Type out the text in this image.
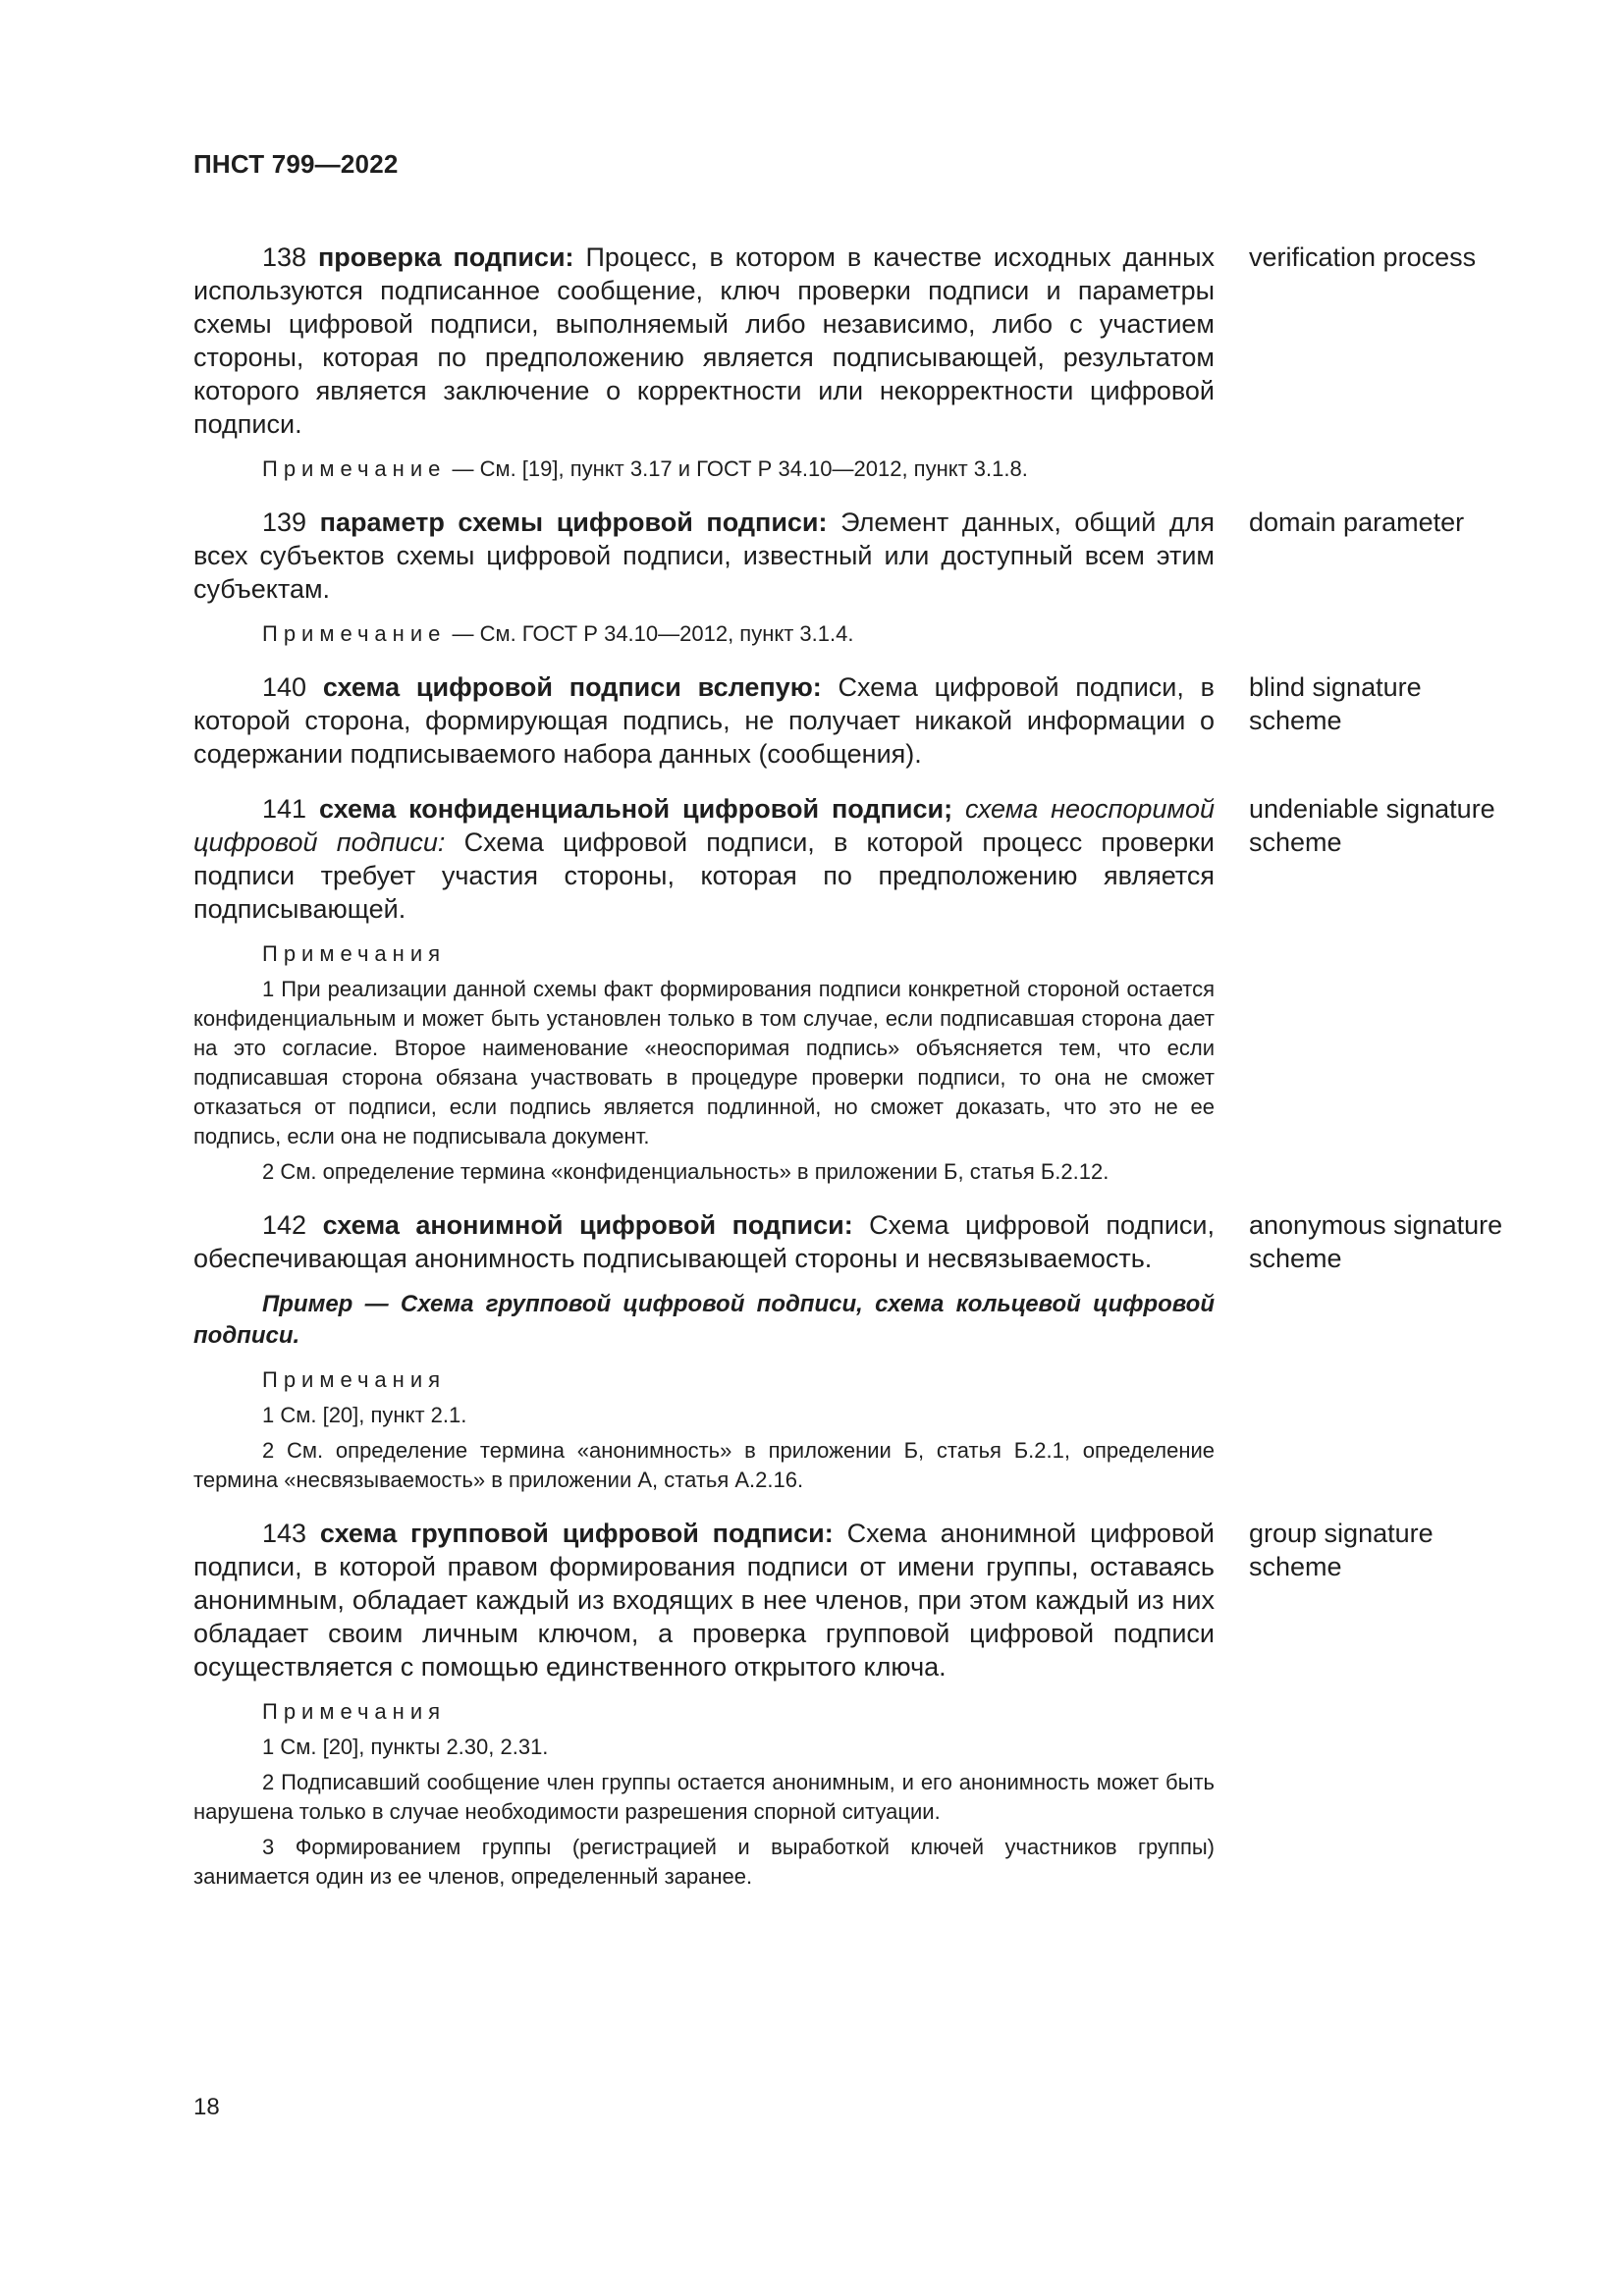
ПНСТ 799—2022

138 проверка подписи: Процесс, в котором в качестве исходных данных используются подписанное сообщение, ключ проверки подписи и параметры схемы цифровой подписи, выполняемый либо независимо, либо с участием стороны, которая по предположению является подписывающей, результатом которого является заключение о корректности или некорректности цифровой подписи.

verification process

Примечание — См. [19], пункт 3.17 и ГОСТ Р 34.10—2012, пункт 3.1.8.

139 параметр схемы цифровой подписи: Элемент данных, общий для всех субъектов схемы цифровой подписи, известный или доступный всем этим субъектам.

domain parameter

Примечание — См. ГОСТ Р 34.10—2012, пункт 3.1.4.

140 схема цифровой подписи вслепую: Схема цифровой подписи, в которой сторона, формирующая подпись, не получает никакой информации о содержании подписываемого набора данных (сообщения).

blind signature
scheme

141 схема конфиденциальной цифровой подписи; схема неоспоримой цифровой подписи: Схема цифровой подписи, в которой процесс проверки подписи требует участия стороны, которая по предположению является подписывающей.

undeniable signature
scheme

Примечания

1 При реализации данной схемы факт формирования подписи конкретной стороной остается конфиденциальным и может быть установлен только в том случае, если подписавшая сторона дает на это согласие. Второе наименование «неоспоримая подпись» объясняется тем, что если подписавшая сторона обязана участвовать в процедуре проверки подписи, то она не сможет отказаться от подписи, если подпись является подлинной, но сможет доказать, что это не ее подпись, если она не подписывала документ.

2 См. определение термина «конфиденциальность» в приложении Б, статья Б.2.12.

142 схема анонимной цифровой подписи: Схема цифровой подписи, обеспечивающая анонимность подписывающей стороны и несвязываемость.

anonymous signature
scheme

Пример — Схема групповой цифровой подписи, схема кольцевой цифровой подписи.

Примечания

1 См. [20], пункт 2.1.

2 См. определение термина «анонимность» в приложении Б, статья Б.2.1, определение термина «несвязываемость» в приложении А, статья А.2.16.

143 схема групповой цифровой подписи: Схема анонимной цифровой подписи, в которой правом формирования подписи от имени группы, оставаясь анонимным, обладает каждый из входящих в нее членов, при этом каждый из них обладает своим личным ключом, а проверка групповой цифровой подписи осуществляется с помощью единственного открытого ключа.

group signature
scheme

Примечания

1 См. [20], пункты 2.30, 2.31.

2 Подписавший сообщение член группы остается анонимным, и его анонимность может быть нарушена только в случае необходимости разрешения спорной ситуации.

3 Формированием группы (регистрацией и выработкой ключей участников группы) занимается один из ее членов, определенный заранее.

18
